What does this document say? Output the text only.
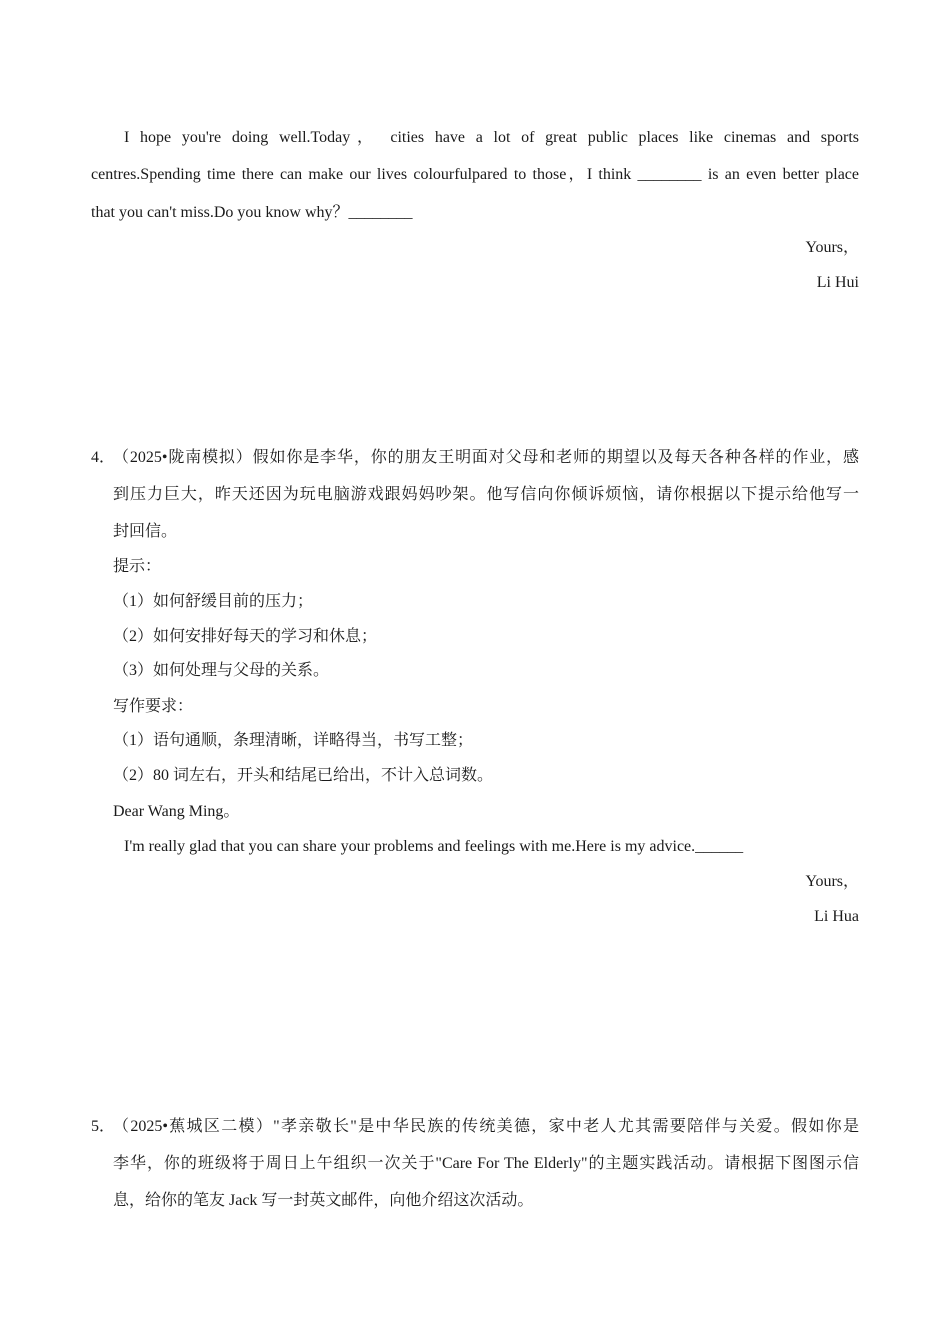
I hope you're doing well.Today， cities have a lot of great public places like cinemas and sports
centres.Spending time there can make our lives colourfulpared to those，I think ________ is an even better place
that you can't miss.Do you know why？________
Yours，
Li Hui
4．
（2025•陇南模拟）假如你是李华，你的朋友王明面对父母和老师的期望以及每天各种各样的作业，感
到压力巨大，昨天还因为玩电脑游戏跟妈妈吵架。他写信向你倾诉烦恼，请你根据以下提示给他写一
封回信。
提示：
（1）如何舒缓目前的压力；
（2）如何安排好每天的学习和休息；
（3）如何处理与父母的关系。
写作要求：
（1）语句通顺，条理清晰，详略得当，书写工整；
（2）80 词左右，开头和结尾已给出，不计入总词数。
Dear Wang Ming。
I'm really glad that you can share your problems and feelings with me.Here is my advice.______
Yours，
Li Hua
5．
（2025•蕉城区二模）"孝亲敬长"是中华民族的传统美德，家中老人尤其需要陪伴与关爱。假如你是
李华，你的班级将于周日上午组织一次关于"Care For The Elderly"的主题实践活动。请根据下图图示信
息，给你的笔友 Jack 写一封英文邮件，向他介绍这次活动。
